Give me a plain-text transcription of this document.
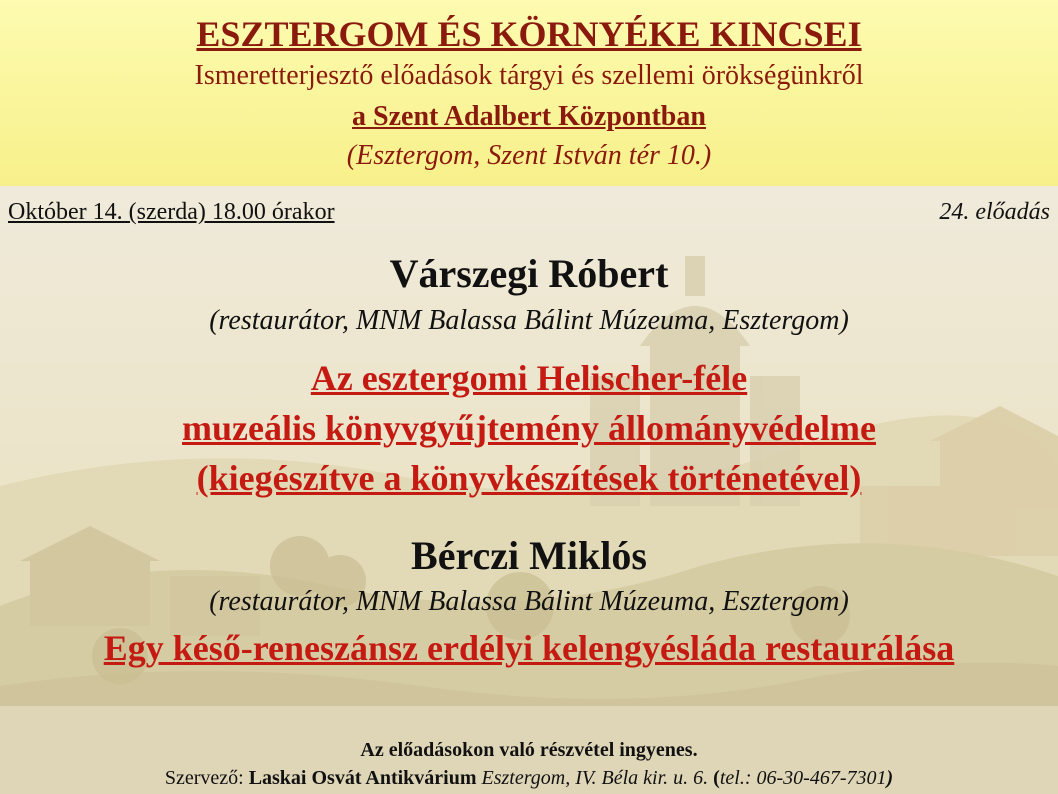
ESZTERGOM ÉS KÖRNYÉKE KINCSEI
Ismeretterjesztő előadások tárgyi és szellemi örökségünkről
a Szent Adalbert Központban
(Esztergom, Szent István tér 10.)
Október 14. (szerda) 18.00 órakor	24. előadás
Várszegi Róbert
(restaurátor, MNM Balassa Bálint Múzeuma, Esztergom)
Az esztergomi Helischer-féle
muzeális könyvgyűjtemény állományvédelme
(kiegészítve a könyvkészítések történetével)
Bérczi Miklós
(restaurátor, MNM Balassa Bálint Múzeuma, Esztergom)
Egy késő-reneszánsz erdélyi kelengyésláda restaurálása
Az előadásokon való részvétel ingyenes.
Szervező: Laskai Osvát Antikvárium Esztergom, IV. Béla kir. u. 6. (tel.: 06-30-467-7301)
